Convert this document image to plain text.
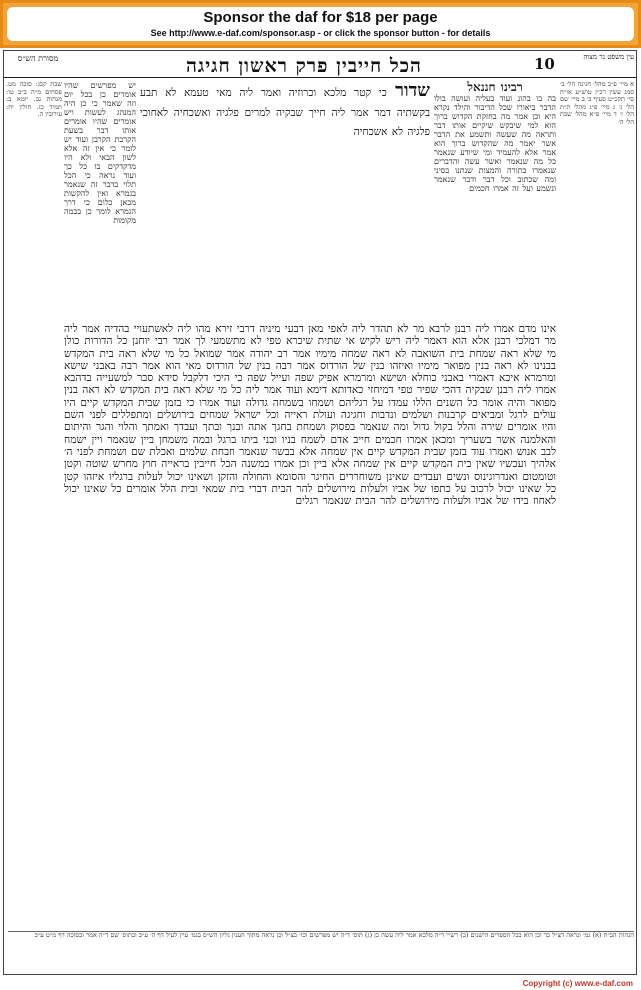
Sponsor the daf for $18 per page
See http://www.e-daf.com/sponsor.asp - or click the sponsor button - for details
עין משפט נר מצוה
10
הכל חייבין פרק ראשון חגיגה
מסורת הש״ס
א מיי׳ פ״ב מהל׳ חגיגה הל׳ ב׳ סמג עשין רכ״ז טוש״ע או״ח סי׳ תקכ״ט סעיף ב׳ ב מיי׳ שם הל׳ ג׳ ג מיי׳ פ״ג מהל׳ ת״ת הל׳ ז׳ ד מיי׳ פ״א מהל׳ שבת הל׳ ה׳
רבינו חננאל
בה בו בהונ ועוד בעליה ועושה בולו הדבר ביאורו שכל הדיבור והילד נקרא היא וכן אמר מה בחזקת הקדוש ברוך הוא למי שיבקש שיקיים אותו דבר ותראה מה שעשה ותשמע את הדבר אשר יאמר מה שהקדוש ברוך הוא אמר אלא להעמיד ומי שיודע שנאמר כל מה שנאמר ואשר עשה והדברים שנאמרו בתורה והמצות שנתנו בסיני ומה שכתוב וכל דבר ודבר שנאמר ונשמע ועל זה אמרו חכמים
שדור כי קטר מלכא וכרוזיה ואמר ליה מאי טעמא לא תבע בקשתיה דמר אמר ליה חייך שבקיה למרים פלגיה ואשכחיה לאחוכי פלגיה לא אשכחיה
יש מפרשים שהיו אומרים כן בכל יום וזה שאמר כי כן היה המנהג לעשות ויש אומרים שהיו אומרים אותו דבר בשעת הקרבת הקרבן ועוד יש לומר כי אין זה אלא לשון הבאי ולא היו מדקדקים בו כל כך ועוד נראה כי הכל תלוי בדבר זה שנאמר בגמרא ואין להקשות מכאן כלום כי דרך הגמרא לומר כן בכמה מקומות
שבת קכג: סוכה מט. פסחים מ״ה ב״ב טו: מנחות נב. יומא ב: תמיד כז. חולין יח: עירובין ה.
אינו מדם אמרו ליה רבנן לרבא מר לא תהדר ליה לאפי מאן דבעי מיניה דרבי זירא מהו ליה לאשתעויי בהדיה אמר ליה מר דמלכי רבנן אלא הוא דאמר ליה ריש לקיש אי שתית שיכרא טפי לא מתשמעי לך אמר רבי יוחנן כל הדורות כולן מי שלא ראה שמחת בית השואבה לא ראה שמחה מימיו אמר רב יהודה אמר שמואל כל מי שלא ראה בית המקדש בבנינו לא ראה בנין מפואר מימיו ואיזהו בנין של הורדוס אמר רבה בנין של הורדוס מאי הוא אמר רבה באבני שישא ומרמרא איכא דאמרי באבני כוחלא ושישא ומרמרא אפיק שפה ועייל שפה כי היכי דלקבל סידא סבר למשעייה בדהבא אמרו ליה רבנן שבקיה דהכי שפיר טפי דמיחזי כאדותא דימא ועוד אמר ליה כל מי שלא ראה בית המקדש לא ראה בנין מפואר והיה אומר כל השנים הללו עמדו על רגליהם ושמחו בשמחה גדולה ועוד אמרו כי בזמן שבית המקדש קיים היו עולים לרגל ומביאים קרבנות ושלמים ונדבות וחגיגה ועולת ראייה וכל ישראל שמחים בירושלים ומתפללים לפני השם והיו אומרים שירה והלל בקול גדול ומה שנאמר בפסוק ושמחת בחגך אתה ובנך ובתך ועבדך ואמתך והלוי והגר והיתום והאלמנה אשר בשעריך ומכאן אמרו חכמים חייב אדם לשמח בניו ובני ביתו ברגל ובמה משמחן ביין שנאמר ויין ישמח לבב אנוש ואמרו עוד בזמן שבית המקדש קיים אין שמחה אלא בבשר שנאמר וזבחת שלמים ואכלת שם ושמחת לפני ה׳ אלהיך ועכשיו שאין בית המקדש קיים אין שמחה אלא ביין וכן אמרו במשנה הכל חייבין בראייה חוץ מחרש שוטה וקטן וטומטום ואנדרוגינוס ונשים ועבדים שאינן משוחררים החיגר והסומא והחולה והזקן ושאינו יכול לעלות ברגליו איזהו קטן כל שאינו יכול לרכוב על כתפו של אביו ולעלות מירושלים להר הבית דברי בית שמאי ובית הלל אומרים כל שאינו יכול לאחוז בידו של אביו ולעלות מירושלים להר הבית שנאמר רגלים
הגהות הב״ח (א) גמ׳ ונראה דצ״ל כך וכן הוא בכל הספרים הישנים (ב) רש״י ד״ה מלכא אמר ליה עשה כן (ג) תוס׳ ד״ה יש מפרשים וכו׳ כצ״ל וכן נראה מתוך הענין גליון הש״ס בגמ׳ עיין לעיל דף ה׳ ע״ב ובתוס׳ שם ד״ה אמר ובסוכה דף מ״ט ע״ב
Copyright (c) www.e-daf.com
